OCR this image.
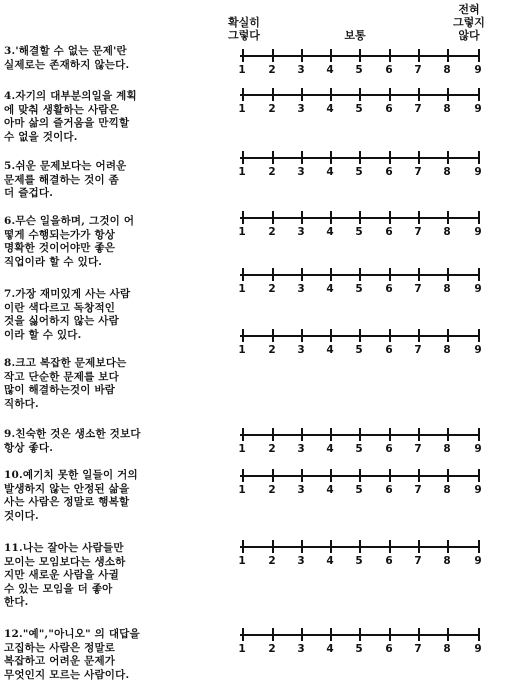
확실히
그렇다	보통
전혀
그렇지
않다
3.'해결할 수 없는 문제'란
실제로는 존재하지 않는다.	1	2	3	4	5	6	7	8	9
4.자기의 대부분의일을 계획
에 맞춰 생활하는 사람은
아마 삶의 즐거움을 만끽할
수 없을 것이다.
1	2	3	4	5	6	7	8	9
5.쉬운 문제보다는 어려운
문제를 해결하는 것이 좀
더 즐겁다.
1	2	3	4	5	6	7	8	9
6.무슨 일을하며, 그것이 어
떻게 수행되는가가 항상
명확한 것이어야만 좋은
직업이라 할 수 있다.
1	2	3	4	5	6	7	8	9
7.가장 재미있게 사는 사람
이란 색다르고 독창적인
것을 싫어하지 않는 사람
이라 할 수 있다.
1	2	3	4	5	6	7	8	9
8.크고 복잡한 문제보다는
작고 단순한 문제를 보다
많이 해결하는것이 바람
직하다.
1	2	3	4	5	6	7	8	9
9.친숙한 것은 생소한 것보다
항상 좋다.	1	2	3	4	5	6	7	8	9
10.예기치 못한 일들이 거의
발생하지 않는 안정된 삶을
사는 사람은 정말로 행복할
것이다.
1	2	3	4	5	6	7	8	9
11.나는 잘아는 사람들만
모이는 모임보다는 생소하
지만 새로운 사람을 사귈
수 있는 모임을 더 좋아
한다.
1	2	3	4	5	6	7	8	9
12."예","아니오" 의 대답을
고집하는 사람은 정말로
복잡하고 어려운 문제가
무엇인지 모르는 사람이다.
1	2	3	4	5	6	7	8	9
